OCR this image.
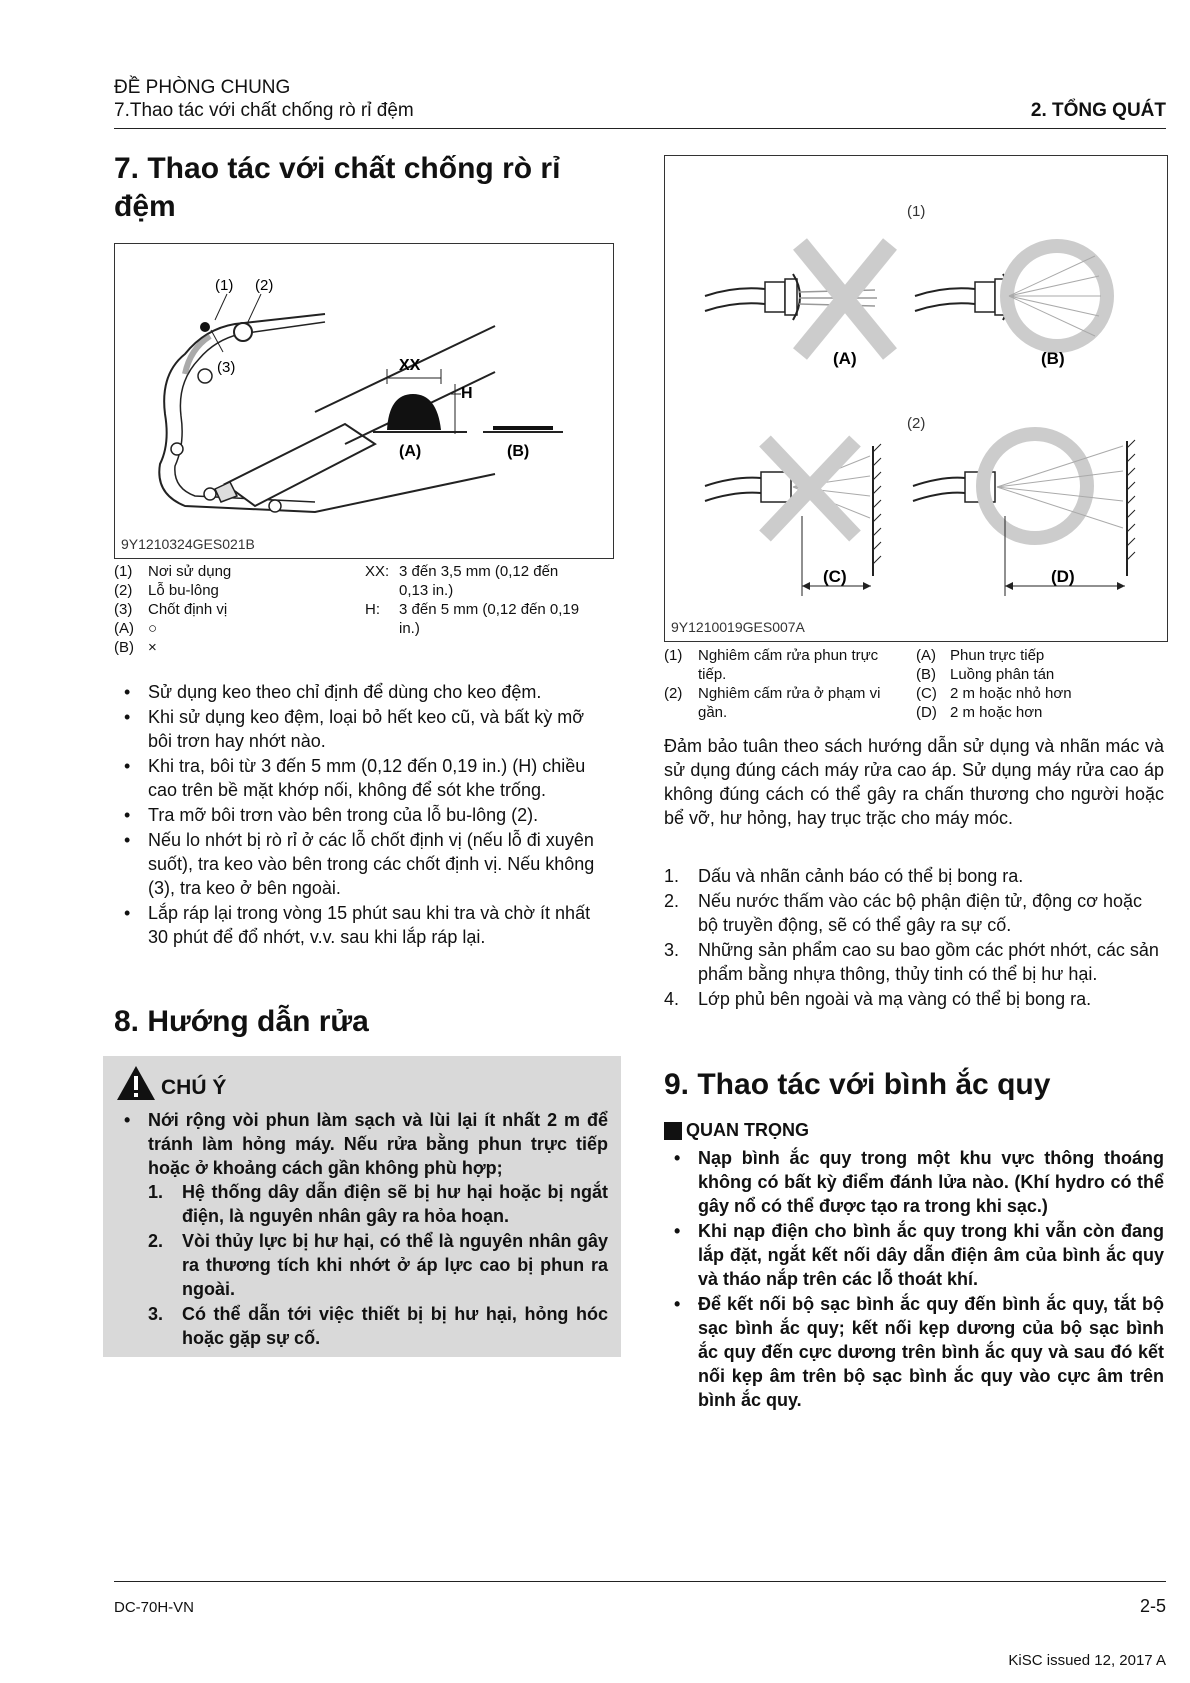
ĐỀ PHÒNG CHUNG
7.Thao tác với chất chống rò rỉ đệm	2. TỔNG QUÁT
7. Thao tác với chất chống rò rỉ đệm
(1) (2)
(3)	XX
H
(A)	(B)
9Y1210324GES021B
(1)	Nơi sử dụng
(2)	Lỗ bu-lông
(3)	Chốt định vị
(A) ○
(B) ×
XX: 3 đến 3,5 mm (0,12 đến 0,13 in.)
H:	3 đến 5 mm (0,12 đến 0,19 in.)
• Sử dụng keo theo chỉ định để dùng cho keo đệm.
• Khi sử dụng keo đệm, loại bỏ hết keo cũ, và bất kỳ mỡ bôi trơn hay nhớt nào.
• Khi tra, bôi từ 3 đến 5 mm (0,12 đến 0,19 in.) (H) chiều cao trên bề mặt khớp nối, không để sót khe trống.
• Tra mỡ bôi trơn vào bên trong của lỗ bu-lông (2).
• Nếu lo nhớt bị rò rỉ ở các lỗ chốt định vị (nếu lỗ đi xuyên suốt), tra keo vào bên trong các chốt định vị. Nếu không (3), tra keo ở bên ngoài.
• Lắp ráp lại trong vòng 15 phút sau khi tra và chờ ít nhất 30 phút để đổ nhớt, v.v. sau khi lắp ráp lại.
8. Hướng dẫn rửa
CHÚ Ý
• Nới rộng vòi phun làm sạch và lùi lại ít nhất 2 m để tránh làm hỏng máy. Nếu rửa bằng phun trực tiếp hoặc ở khoảng cách gần không phù hợp;
1. Hệ thống dây dẫn điện sẽ bị hư hại hoặc bị ngắt điện, là nguyên nhân gây ra hỏa hoạn.
2. Vòi thủy lực bị hư hại, có thể là nguyên nhân gây ra thương tích khi nhớt ở áp lực cao bị phun ra ngoài.
3. Có thể dẫn tới việc thiết bị bị hư hại, hỏng hóc hoặc gặp sự cố.
(1)
(2)
(A)	(B)
(C)	(D)
9Y1210019GES007A
(1)	Nghiêm cấm rửa phun trực tiếp.
(2)	Nghiêm cấm rửa ở phạm vi gần.
(A) Phun trực tiếp
(B) Luồng phân tán
(C) 2 m hoặc nhỏ hơn
(D) 2 m hoặc hơn
Đảm bảo tuân theo sách hướng dẫn sử dụng và nhãn mác và sử dụng đúng cách máy rửa cao áp. Sử dụng máy rửa cao áp không đúng cách có thể gây ra chấn thương cho người hoặc bể vỡ, hư hỏng, hay trục trặc cho máy móc.
1. Dấu và nhãn cảnh báo có thể bị bong ra.
2. Nếu nước thấm vào các bộ phận điện tử, động cơ hoặc bộ truyền động, sẽ có thể gây ra sự cố.
3. Những sản phẩm cao su bao gồm các phớt nhớt, các sản phẩm bằng nhựa thông, thủy tinh có thể bị hư hại.
4. Lớp phủ bên ngoài và mạ vàng có thể bị bong ra.
9. Thao tác với bình ắc quy
QUAN TRỌNG
• Nạp bình ắc quy trong một khu vực thông thoáng không có bất kỳ điểm đánh lửa nào. (Khí hydro có thể gây nổ có thể được tạo ra trong khi sạc.)
• Khi nạp điện cho bình ắc quy trong khi vẫn còn đang lắp đặt, ngắt kết nối dây dẫn điện âm của bình ắc quy và tháo nắp trên các lỗ thoát khí.
• Để kết nối bộ sạc bình ắc quy đến bình ắc quy, tắt bộ sạc bình ắc quy; kết nối kẹp dương của bộ sạc bình ắc quy đến cực dương trên bình ắc quy và sau đó kết nối kẹp âm trên bộ sạc bình ắc quy vào cực âm trên bình ắc quy.
DC-70H-VN	2-5
KiSC issued 12, 2017 A
